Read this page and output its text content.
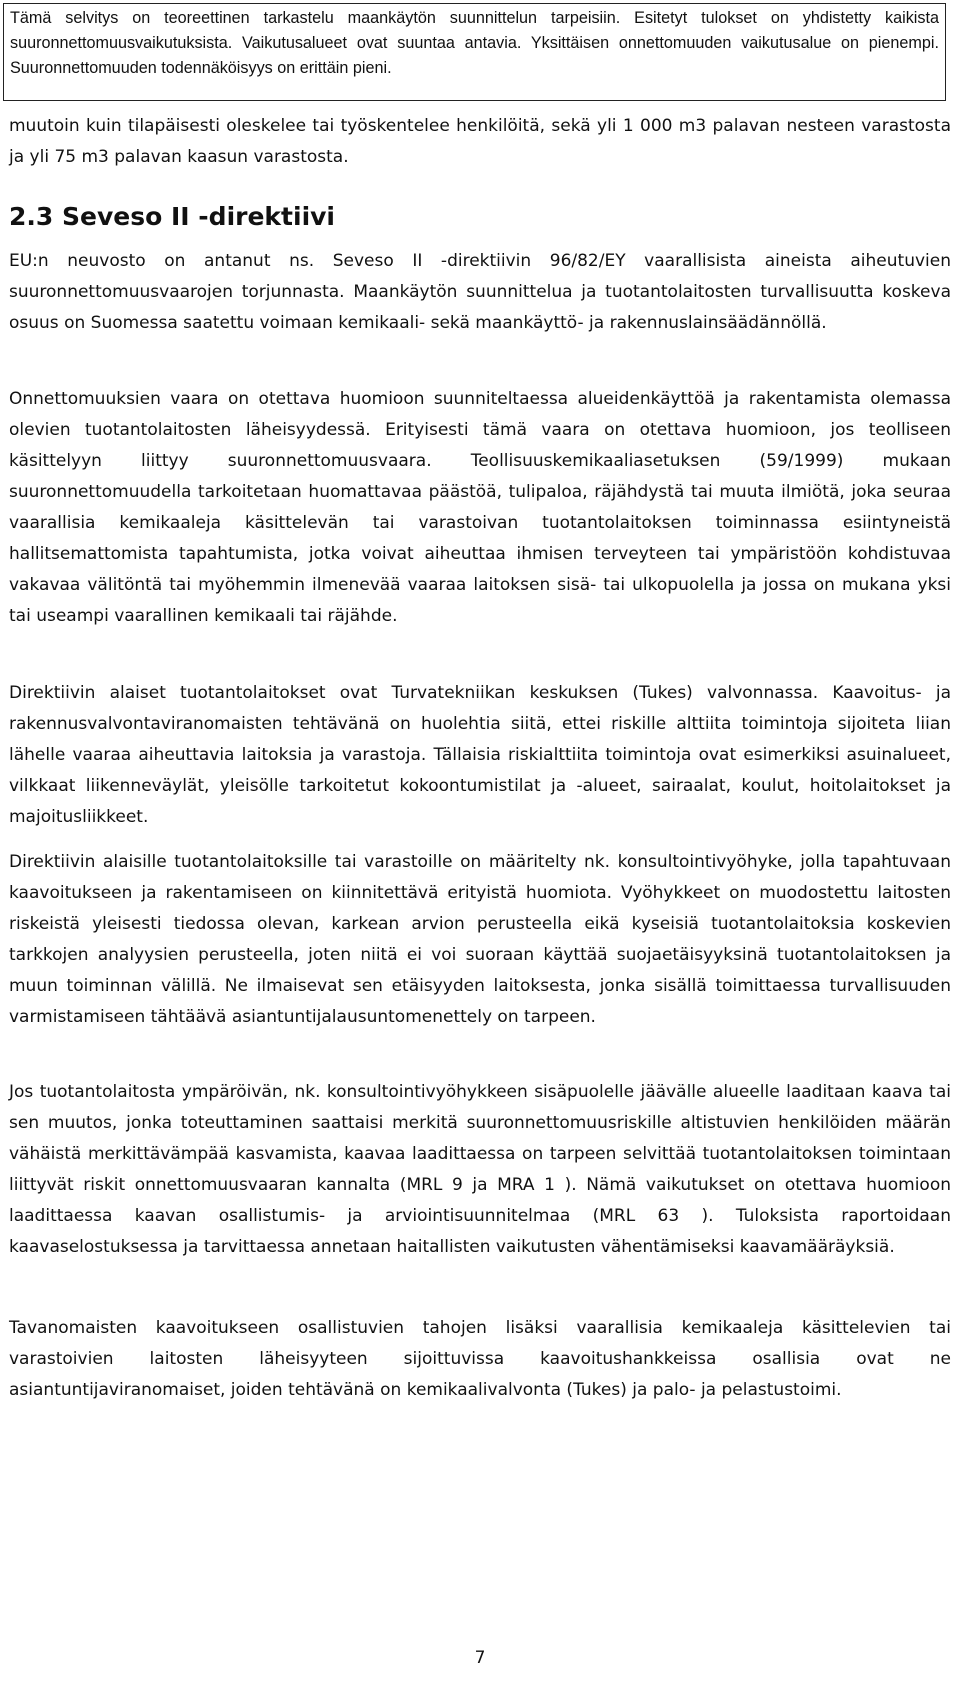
Tämä selvitys on teoreettinen tarkastelu maankäytön suunnittelun tarpeisiin. Esitetyt tulokset on yhdistetty kaikista suuronnettomuusvaikutuksista. Vaikutusalueet ovat suuntaa antavia. Yksittäisen onnettomuuden vaikutusalue on pienempi. Suuronnettomuuden todennäköisyys on erittäin pieni.

muutoin kuin tilapäisesti oleskelee tai työskentelee henkilöitä, sekä yli 1 000 m3 palavan nesteen varastosta ja yli 75 m3 palavan kaasun varastosta.

2.3 Seveso II -direktiivi

EU:n neuvosto on antanut ns. Seveso II -direktiivin 96/82/EY vaarallisista aineista aiheutuvien suuronnettomuusvaarojen torjunnasta. Maankäytön suunnittelua ja tuotantolaitosten turvallisuutta koskeva osuus on Suomessa saatettu voimaan kemikaali- sekä maankäyttö- ja rakennuslainsäädännöllä.

Onnettomuuksien vaara on otettava huomioon suunniteltaessa alueidenkäyttöä ja rakentamista olemassa olevien tuotantolaitosten läheisyydessä. Erityisesti tämä vaara on otettava huomioon, jos teolliseen käsittelyyn liittyy suuronnettomuusvaara. Teollisuuskemikaaliasetuksen (59/1999) mukaan suuronnettomuudella tarkoitetaan huomattavaa päästöä, tulipaloa, räjähdystä tai muuta ilmiötä, joka seuraa vaarallisia kemikaaleja käsittelevän tai varastoivan tuotantolaitoksen toiminnassa esiintyneistä hallitsemattomista tapahtumista, jotka voivat aiheuttaa ihmisen terveyteen tai ympäristöön kohdistuvaa vakavaa välitöntä tai myöhemmin ilmenevää vaaraa laitoksen sisä- tai ulkopuolella ja jossa on mukana yksi tai useampi vaarallinen kemikaali tai räjähde.

Direktiivin alaiset tuotantolaitokset ovat Turvatekniikan keskuksen (Tukes) valvonnassa. Kaavoitus- ja rakennusvalvontaviranomaisten tehtävänä on huolehtia siitä, ettei riskille alttiita toimintoja sijoiteta liian lähelle vaaraa aiheuttavia laitoksia ja varastoja. Tällaisia riskialttiita toimintoja ovat esimerkiksi asuinalueet, vilkkaat liikenneväylät, yleisölle tarkoitetut kokoontumistilat ja -alueet, sairaalat, koulut, hoitolaitokset ja majoitusliikkeet.

Direktiivin alaisille tuotantolaitoksille tai varastoille on määritelty nk. konsultointivyöhyke, jolla tapahtuvaan kaavoitukseen ja rakentamiseen on kiinnitettävä erityistä huomiota. Vyöhykkeet on muodostettu laitosten riskeistä yleisesti tiedossa olevan, karkean arvion perusteella eikä kyseisiä tuotantolaitoksia koskevien tarkkojen analyysien perusteella, joten niitä ei voi suoraan käyttää suojaetäisyyksinä tuotantolaitoksen ja muun toiminnan välillä. Ne ilmaisevat sen etäisyyden laitoksesta, jonka sisällä toimittaessa turvallisuuden varmistamiseen tähtäävä asiantuntijalausuntomenettely on tarpeen.

Jos tuotantolaitosta ympäröivän, nk. konsultointivyöhykkeen sisäpuolelle jäävälle alueelle laaditaan kaava tai sen muutos, jonka toteuttaminen saattaisi merkitä suuronnettomuusriskille altistuvien henkilöiden määrän vähäistä merkittävämpää kasvamista, kaavaa laadittaessa on tarpeen selvittää tuotantolaitoksen toimintaan liittyvät riskit onnettomuusvaaran kannalta (MRL 9 ja MRA 1 ). Nämä vaikutukset on otettava huomioon laadittaessa kaavan osallistumis- ja arviointisuunnitelmaa (MRL 63 ). Tuloksista raportoidaan kaavaselostuksessa ja tarvittaessa annetaan haitallisten vaikutusten vähentämiseksi kaavamääräyksiä.

Tavanomaisten kaavoitukseen osallistuvien tahojen lisäksi vaarallisia kemikaaleja käsittelevien tai varastoivien laitosten läheisyyteen sijoittuvissa kaavoitushankkeissa osallisia ovat ne asiantuntijaviranomaiset, joiden tehtävänä on kemikaalivalvonta (Tukes) ja palo- ja pelastustoimi.

7
